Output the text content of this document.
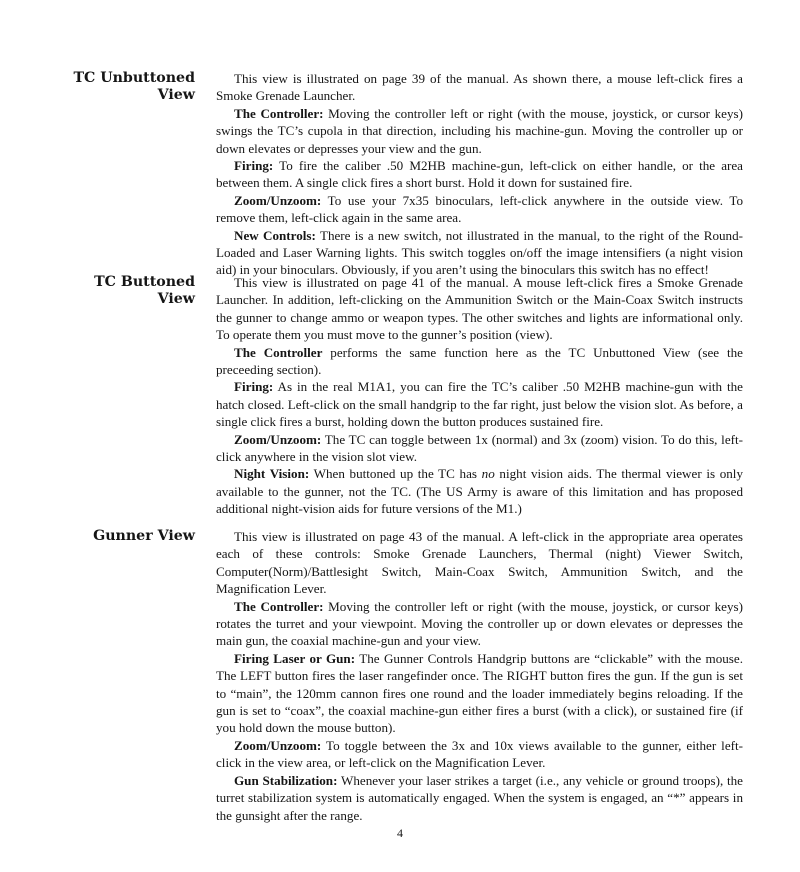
TC Unbuttoned
View

This view is illustrated on page 39 of the manual. As shown there, a mouse left-click fires a Smoke Grenade Launcher.

The Controller: Moving the controller left or right (with the mouse, joystick, or cursor keys) swings the TC’s cupola in that direction, including his machine-gun. Moving the controller up or down elevates or depresses your view and the gun.

Firing: To fire the caliber .50 M2HB machine-gun, left-click on either handle, or the area between them. A single click fires a short burst. Hold it down for sustained fire.

Zoom/Unzoom: To use your 7x35 binoculars, left-click anywhere in the outside view. To remove them, left-click again in the same area.

New Controls: There is a new switch, not illustrated in the manual, to the right of the Round-Loaded and Laser Warning lights. This switch toggles on/off the image intensifiers (a night vision aid) in your binoculars. Obviously, if you aren’t using the binoculars this switch has no effect!

TC Buttoned
View

This view is illustrated on page 41 of the manual. A mouse left-click fires a Smoke Grenade Launcher. In addition, left-clicking on the Ammunition Switch or the Main-Coax Switch instructs the gunner to change ammo or weapon types. The other switches and lights are informational only. To operate them you must move to the gunner’s position (view).

The Controller performs the same function here as the TC Unbuttoned View (see the preceeding section).

Firing: As in the real M1A1, you can fire the TC’s caliber .50 M2HB machine-gun with the hatch closed. Left-click on the small handgrip to the far right, just below the vision slot. As before, a single click fires a burst, holding down the button produces sustained fire.

Zoom/Unzoom: The TC can toggle between 1x (normal) and 3x (zoom) vision. To do this, left-click anywhere in the vision slot view.

Night Vision: When buttoned up the TC has no night vision aids. The thermal viewer is only available to the gunner, not the TC. (The US Army is aware of this limitation and has proposed additional night-vision aids for future versions of the M1.)

Gunner View	This view is illustrated on page 43 of the manual. A left-click in the appropriate area operates each of these controls: Smoke Grenade Launchers, Thermal (night) Viewer Switch, Computer(Norm)/Battlesight Switch, Main-Coax Switch, Ammunition Switch, and the Magnification Lever.

The Controller: Moving the controller left or right (with the mouse, joystick, or cursor keys) rotates the turret and your viewpoint. Moving the controller up or down elevates or depresses the main gun, the coaxial machine-gun and your view.

Firing Laser or Gun: The Gunner Controls Handgrip buttons are “clickable” with the mouse. The LEFT button fires the laser rangefinder once. The RIGHT button fires the gun. If the gun is set to “main”, the 120mm cannon fires one round and the loader immediately begins reloading. If the gun is set to “coax”, the coaxial machine-gun either fires a burst (with a click), or sustained fire (if you hold down the mouse button).

Zoom/Unzoom: To toggle between the 3x and 10x views available to the gunner, either left-click in the view area, or left-click on the Magnification Lever.

Gun Stabilization: Whenever your laser strikes a target (i.e., any vehicle or ground troops), the turret stabilization system is automatically engaged. When the system is engaged, an “*” appears in the gunsight after the range.

4
